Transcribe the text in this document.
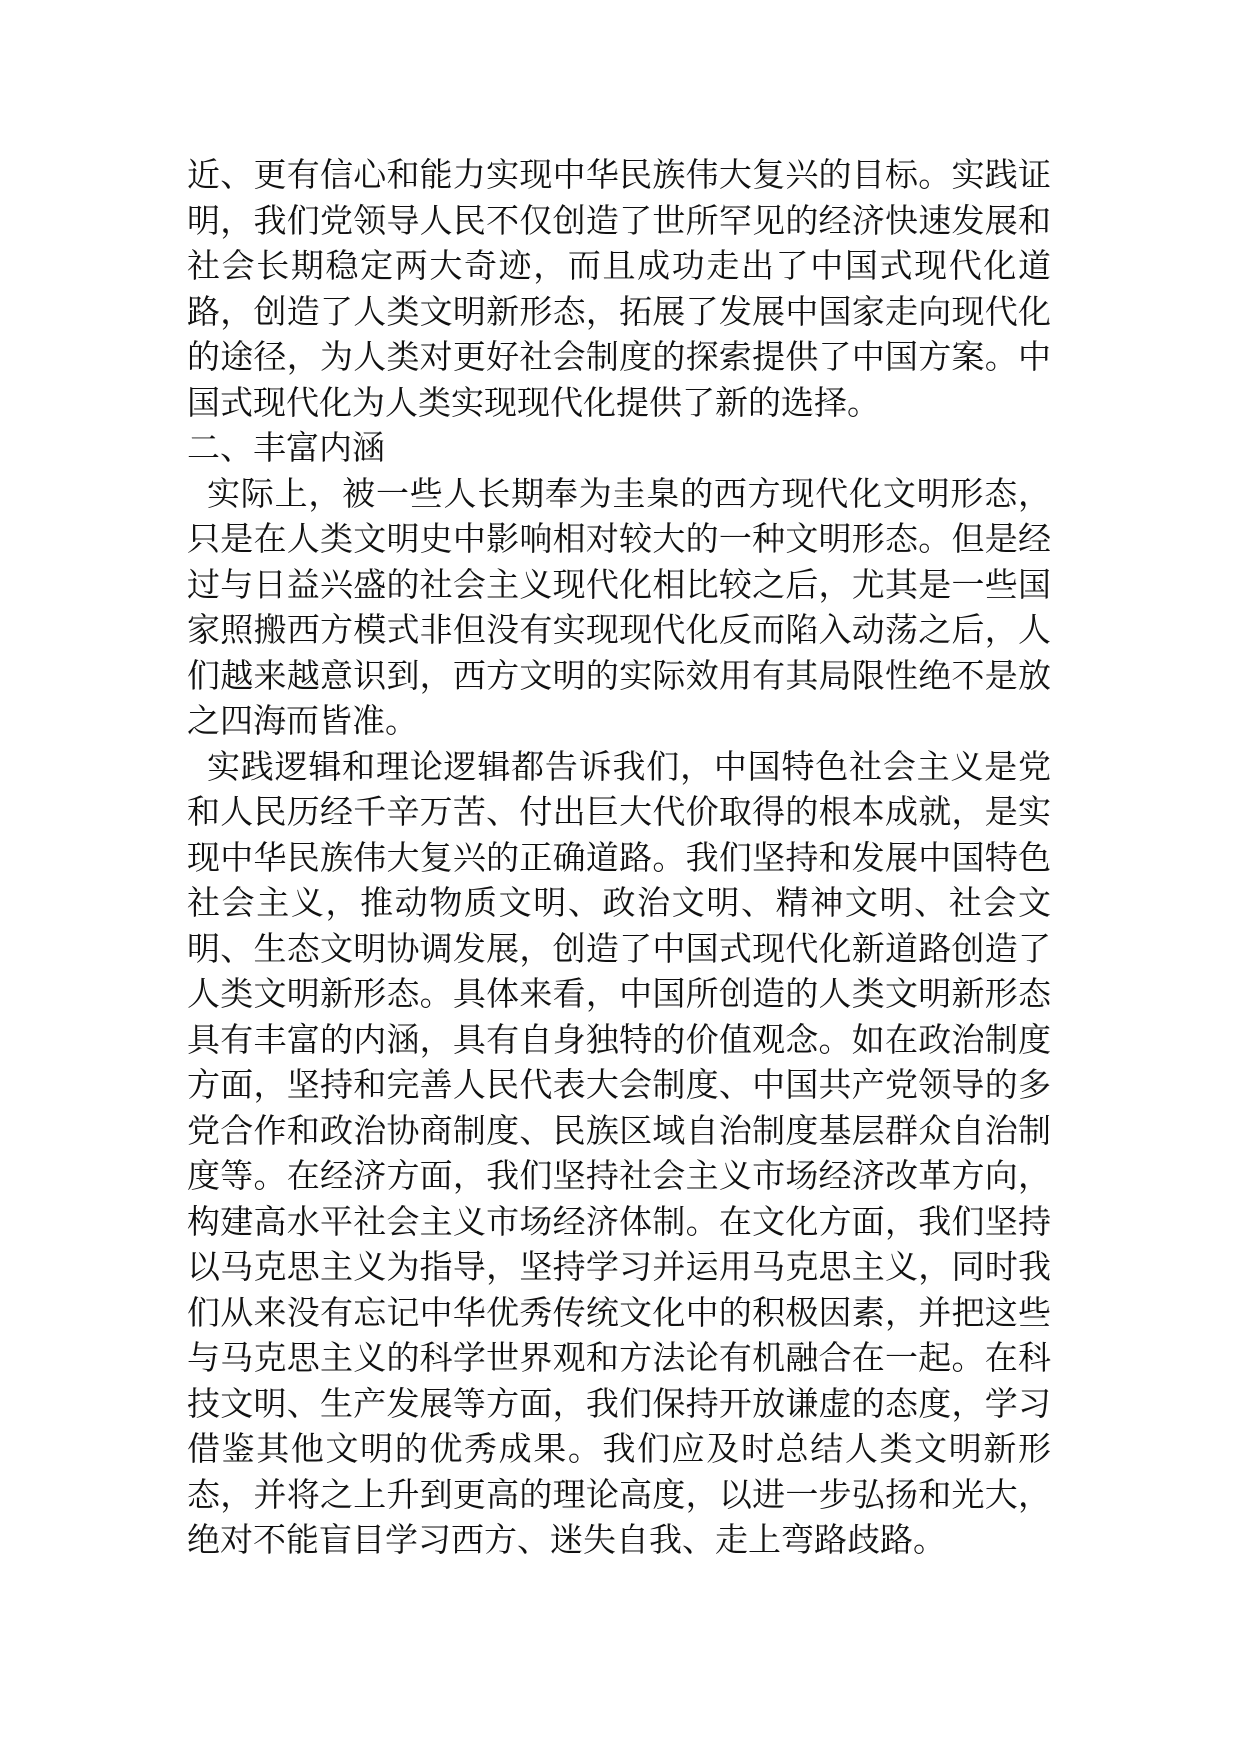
近、更有信心和能力实现中华民族伟大复兴的目标。实践证明，我们党领导人民不仅创造了世所罕见的经济快速发展和社会长期稳定两大奇迹，而且成功走出了中国式现代化道路，创造了人类文明新形态，拓展了发展中国家走向现代化的途径，为人类对更好社会制度的探索提供了中国方案。中国式现代化为人类实现现代化提供了新的选择。

二、丰富内涵

实际上，被一些人长期奉为圭臬的西方现代化文明形态，只是在人类文明史中影响相对较大的一种文明形态。但是经过与日益兴盛的社会主义现代化相比较之后，尤其是一些国家照搬西方模式非但没有实现现代化反而陷入动荡之后，人们越来越意识到，西方文明的实际效用有其局限性绝不是放之四海而皆准。

实践逻辑和理论逻辑都告诉我们，中国特色社会主义是党和人民历经千辛万苦、付出巨大代价取得的根本成就，是实现中华民族伟大复兴的正确道路。我们坚持和发展中国特色社会主义，推动物质文明、政治文明、精神文明、社会文明、生态文明协调发展，创造了中国式现代化新道路创造了人类文明新形态。具体来看，中国所创造的人类文明新形态具有丰富的内涵，具有自身独特的价值观念。如在政治制度方面，坚持和完善人民代表大会制度、中国共产党领导的多党合作和政治协商制度、民族区域自治制度基层群众自治制度等。在经济方面，我们坚持社会主义市场经济改革方向，构建高水平社会主义市场经济体制。在文化方面，我们坚持以马克思主义为指导，坚持学习并运用马克思主义，同时我们从来没有忘记中华优秀传统文化中的积极因素，并把这些与马克思主义的科学世界观和方法论有机融合在一起。在科技文明、生产发展等方面，我们保持开放谦虚的态度，学习借鉴其他文明的优秀成果。我们应及时总结人类文明新形态，并将之上升到更高的理论高度，以进一步弘扬和光大，绝对不能盲目学习西方、迷失自我、走上弯路歧路。
